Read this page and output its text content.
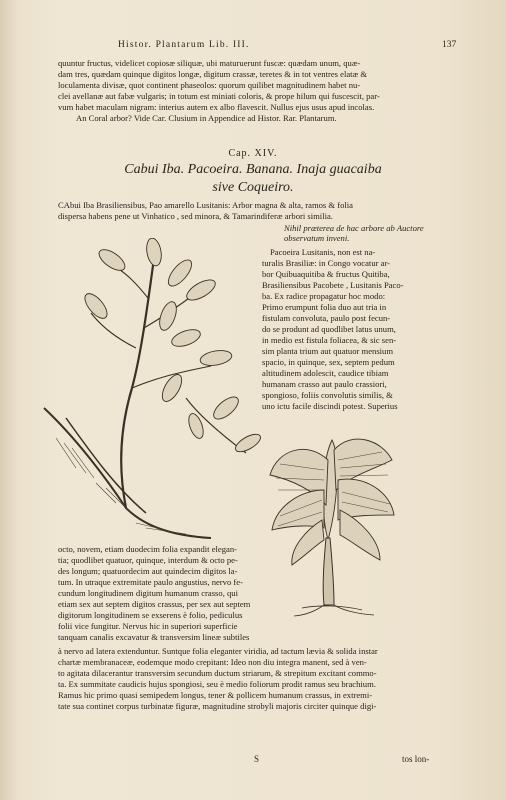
Histor. Plantarum Lib. III.	137
quuntur fructus, videlicet copiosæ siliquæ, ubi maturuerunt fuscæ: quædam unum, quæ-
dam tres, quædam quinque digitos longæ, digitum crassæ, teretes & in tot ventres elatæ &
loculamenta divisæ, quot continent phaseolos: quorum quilibet magnitudinem habet nu-
clei avellanæ aut fabæ vulgaris; in totum est miniati coloris, & prope hilum qui fuscescit, par-
vum habet maculam nigram: interius autem ex albo flavescit. Nullus ejus usus apud incolas.
An Coral arbor? Vide Car. Clusium in Appendice ad Histor. Rar. Plantarum.
Cap. XIV.
Cabui Iba. Pacoeira. Banana. Inaja guacaiba
sive Coqueiro.
CAbui Iba Brasiliensibus, Pao amarello Lusitanis: Arbor magna & alta, ramos & folia
dispersa habens pene ut Vinhatico , sed minora, & Tamarindiferæ arbori similia.
Nihil præterea de hac arbore ab Auctore
observatum inveni.
Pacoeira Lusitanis, non est na-
turalis Brasiliæ: in Congo vocatur ar-
bor Quibuaquitiba & fructus Quitiba,
Brasiliensibus Pacobete , Lusitanis Paco-
ba. Ex radice propagatur hoc modo:
Primo erumpunt folia duo aut tria in
fistulam convoluta, paulo post fecun-
do se produnt ad quodlibet latus unum,
in medio est fistula foliacea, & sic sen-
sim planta trium aut quatuor mensium
spacio, in quinque, sex, septem pedum
altitudinem adolescit, caudice tibiam
humanam crasso aut paulo crassiori,
spongioso, foliis convolutis similis, &
uno ictu facile discindi potest. Superius
octo, novem, etiam duodecim folia expandit elegan-
tia; quodlibet quatuor, quinque, interdum & octo pe-
des longum; quatuordecim aut quindecim digitos la-
tum. In utraque extremitate paulo angustius, nervo fe-
cundum longitudinem digitum humanum crasso, qui
etiam sex aut septem digitos crassus, per sex aut septem
digitorum longitudinem se exserens è folio, pediculus
folii vice fungitur. Nervus hic in superiori superficie
tanquam canalis excavatur & transversim lineæ subtiles
à nervo ad latera extenduntur. Suntque folia eleganter viridia, ad tactum lævia & solida instar
chartæ membranaceæ, eodemque modo crepitant: Ideo non diu integra manent, sed à ven-
to agitata dilacerantur transversim secundum ductum striarum, & strepitum excitant commo-
ta. Ex summitate caudicis hujus spongiosi, seu è medio foliorum prodit ramus seu brachium.
Ramus hic primo quasi semipedem longus, tener & pollicem humanum crassus, in extremi-
tate sua continet corpus turbinatæ figuræ, magnitudine strobyli majoris circiter quinque digi-
S	tos lon-
